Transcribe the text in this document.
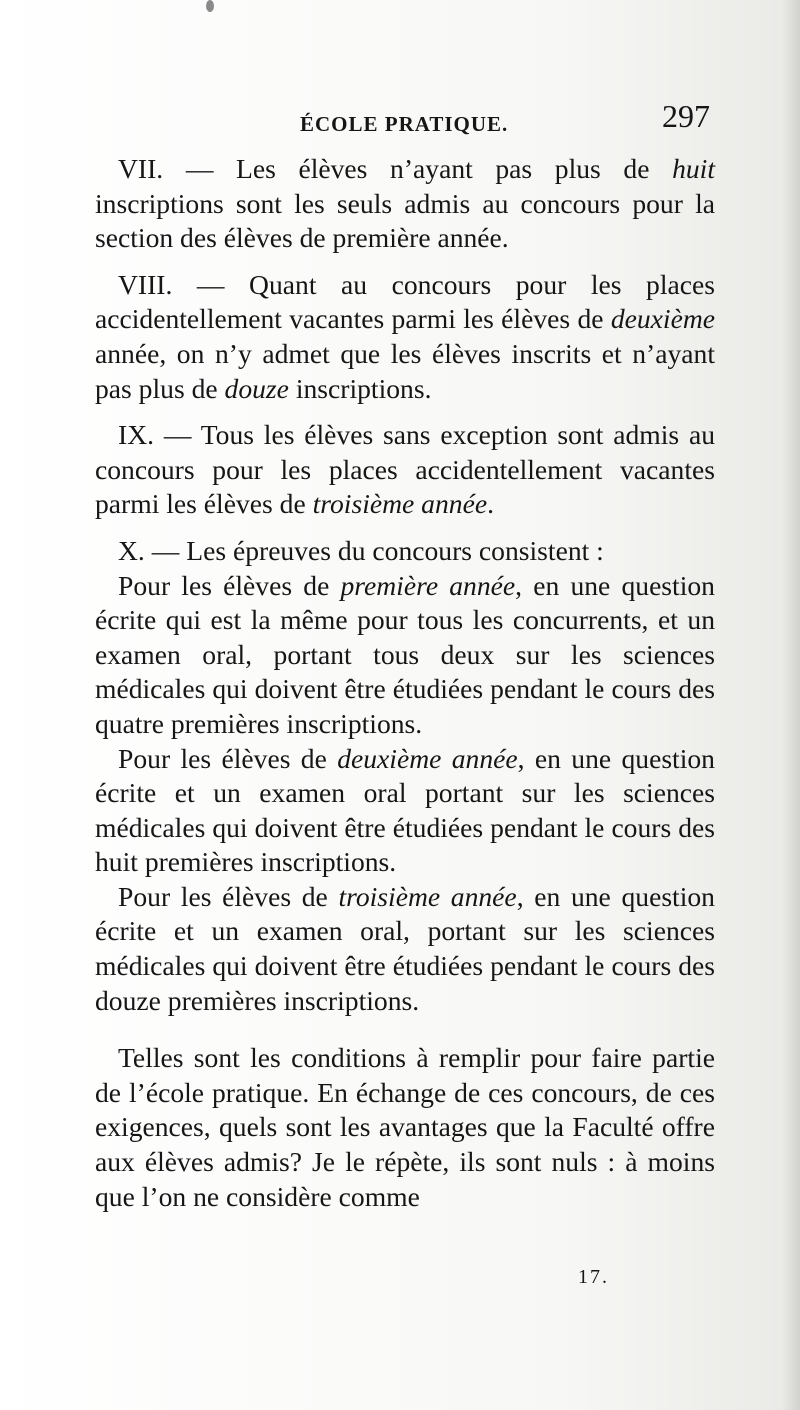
ÉCOLE PRATIQUE.	297

VII. — Les élèves n’ayant pas plus de huit inscriptions sont les seuls admis au concours pour la section des élèves de première année.

VIII. — Quant au concours pour les places accidentellement vacantes parmi les élèves de deuxième année, on n’y admet que les élèves inscrits et n’ayant pas plus de douze inscriptions.

IX. — Tous les élèves sans exception sont admis au concours pour les places accidentellement vacantes parmi les élèves de troisième année.

X. — Les épreuves du concours consistent :

Pour les élèves de première année, en une question écrite qui est la même pour tous les concurrents, et un examen oral, portant tous deux sur les sciences médicales qui doivent être étudiées pendant le cours des quatre premières inscriptions.

Pour les élèves de deuxième année, en une question écrite et un examen oral portant sur les sciences médicales qui doivent être étudiées pendant le cours des huit premières inscriptions.

Pour les élèves de troisième année, en une question écrite et un examen oral, portant sur les sciences médicales qui doivent être étudiées pendant le cours des douze premières inscriptions.

Telles sont les conditions à remplir pour faire partie de l’école pratique. En échange de ces concours, de ces exigences, quels sont les avantages que la Faculté offre aux élèves admis? Je le répète, ils sont nuls : à moins que l’on ne considère comme

17.
